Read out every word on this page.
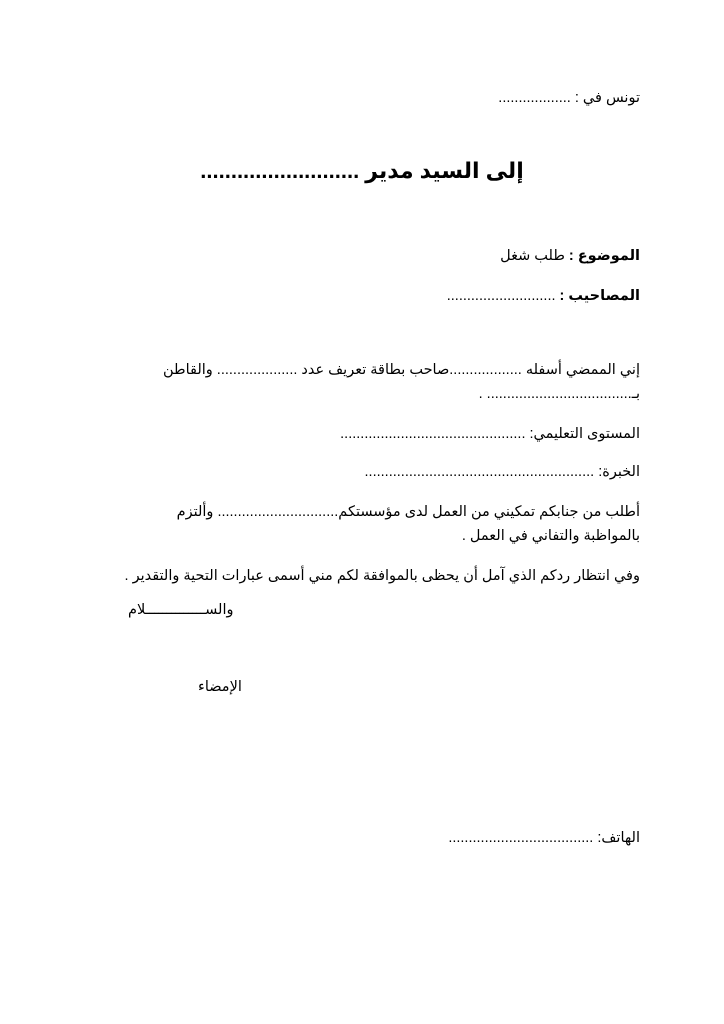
تونس في : ..................
إلى السيد مدير ..........................
الموضوع : طلب شغل
المصاحيب : ...........................
إني الممضي أسفله ..................صاحب بطاقة تعريف عدد .................... والقاطن
بـ.................................... .
المستوى التعليمي: ..............................................
الخبرة: .........................................................
أطلب من جنابكم تمكيني من العمل لدى مؤسستكم.............................. وألتزم
بالمواظبة والتفاني في العمل .
وفي انتظار ردكم الذي آمل أن يحظى بالموافقة لكم مني أسمى عبارات التحية والتقدير .
والســــــــــــــلام
الإمضاء
الهاتف: ....................................
